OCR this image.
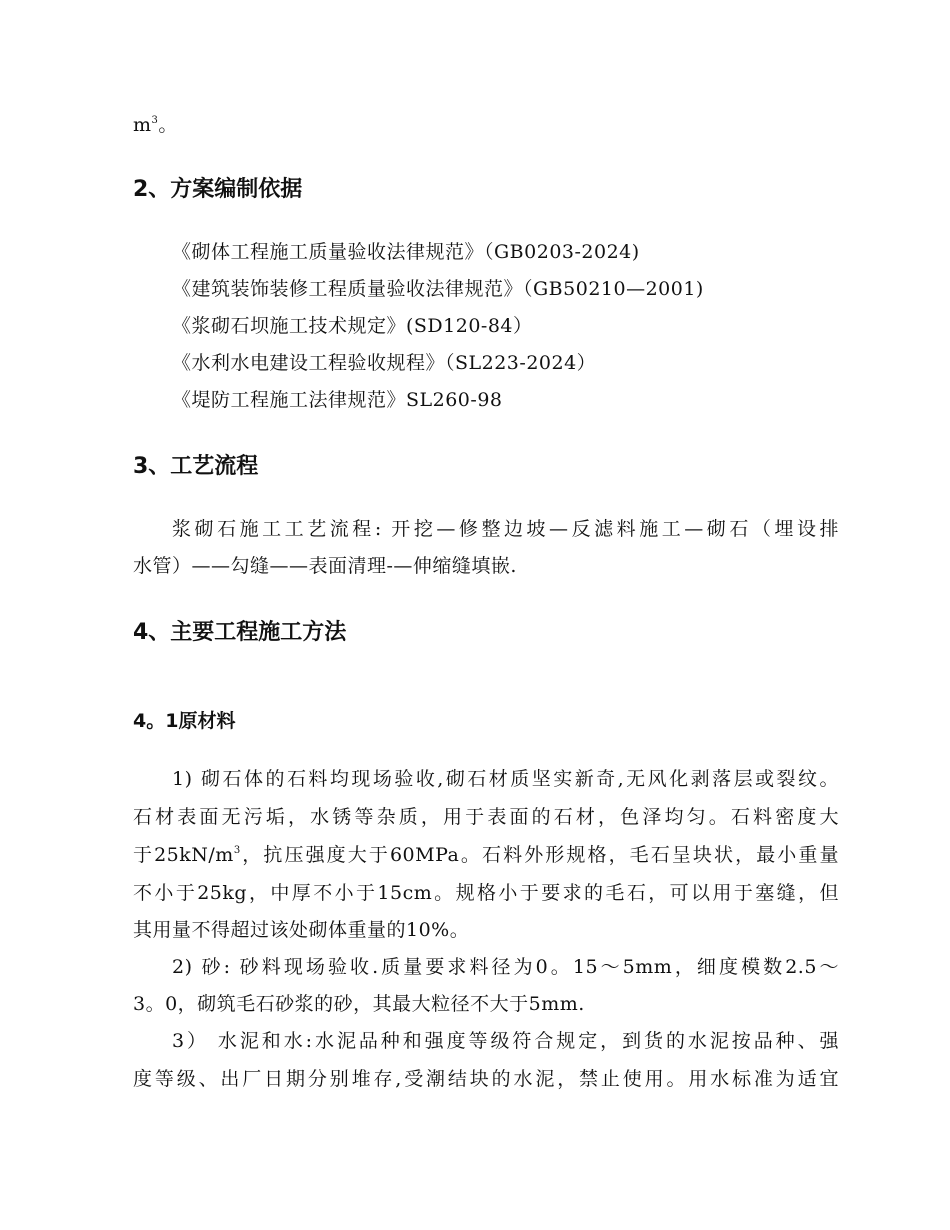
$m^3$。
2、方案编制依据
《砌体工程施工质量验收法律规范》（GB0203-2024)
《建筑装饰装修工程质量验收法律规范》（GB50210—2001)
《浆砌石坝施工技术规定》(SD120-84）
《水利水电建设工程验收规程》（SL223-2024）
《堤防工程施工法律规范》SL260-98
3、工艺流程
浆砌石施工工艺流程: 开挖—修整边坡—反滤料施工—砌石（埋设排
水管）——勾缝——表面清理-—伸缩缝填嵌.
4、主要工程施工方法
4。1原材料
1) 砌石体的石料均现场验收,砌石材质坚实新奇,无风化剥落层或裂纹。
石材表面无污垢，水锈等杂质，用于表面的石材，色泽均匀。石料密度大
于$25kN/m^3$，抗压强度大于60MPa。石料外形规格，毛石呈块状，最小重量
不小于25kg，中厚不小于15cm。规格小于要求的毛石，可以用于塞缝，但
其用量不得超过该处砌体重量的10%。
2) 砂: 砂料现场验收.质量要求料径为0。15～5mm，细度模数2.5～
3。0，砌筑毛石砂浆的砂，其最大粒径不大于5mm.
3） 水泥和水:水泥品种和强度等级符合规定，到货的水泥按品种、强
度等级、出厂日期分别堆存,受潮结块的水泥，禁止使用。用水标准为适宜
